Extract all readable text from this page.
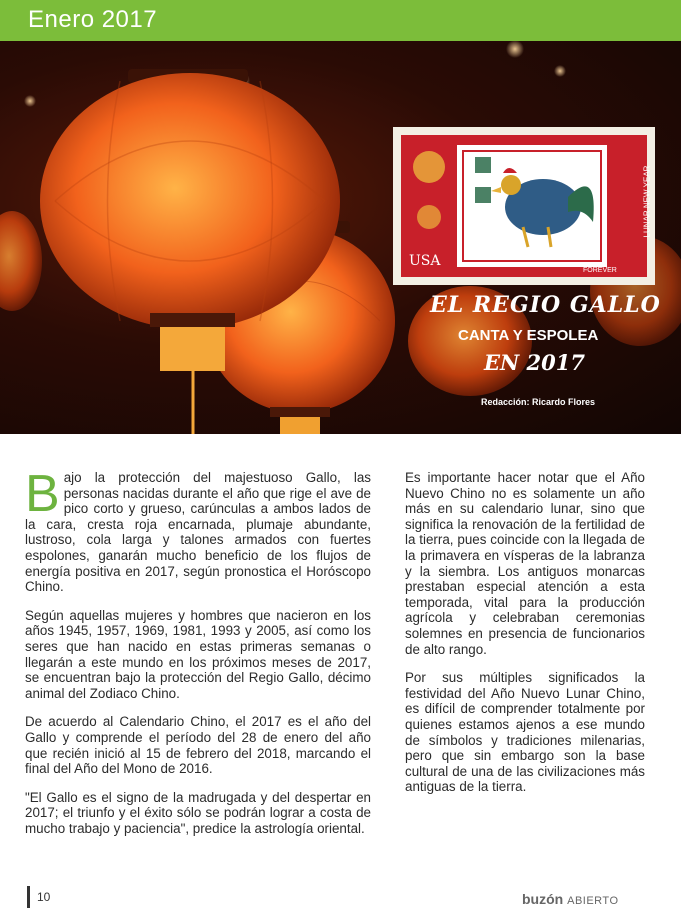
Enero 2017
USA
FOREVER
LUNAR NEW YEAR
EL REGIO GALLO
CANTA Y ESPOLEA
EN 2017
Redacción: Ricardo Flores

Bajo la protección del majestuoso Gallo, las personas nacidas durante el año que rige el ave de pico corto y grueso, carúnculas a ambos lados de la cara, cresta roja encarnada, plumaje abundante, lustroso, cola larga y talones armados con fuertes espolones, ganarán mucho beneficio de los flujos de energía positiva en 2017, según pronostica el Horóscopo Chino.

Según aquellas mujeres y hombres que nacieron en los años 1945, 1957, 1969, 1981, 1993 y 2005, así como los seres que han nacido en estas primeras semanas o llegarán a este mundo en los próximos meses de 2017, se encuentran bajo la protección del Regio Gallo, décimo animal del Zodiaco Chino.

De acuerdo al Calendario Chino, el 2017 es el año del Gallo y comprende el período del 28 de enero del año que recién inició al 15 de febrero del 2018, marcando el final del Año del Mono de 2016.

"El Gallo es el signo de la madrugada y del despertar en 2017; el triunfo y el éxito sólo se podrán lograr a costa de mucho trabajo y paciencia", predice la astrología oriental.

Es importante hacer notar que el Año Nuevo Chino no es solamente un año más en su calendario lunar, sino que significa la renovación de la fertilidad de la tierra, pues coincide con la llegada de la primavera en vísperas de la labranza y la siembra. Los antiguos monarcas prestaban especial atención a esta temporada, vital para la producción agrícola y celebraban ceremonias solemnes en presencia de funcionarios de alto rango.

Por sus múltiples significados la festividad del Año Nuevo Lunar Chino, es difícil de comprender totalmente por quienes estamos ajenos a ese mundo de símbolos y tradiciones milenarias, pero que sin embargo son la base cultural de una de las civilizaciones más antiguas de la tierra.

10	buzón ABIERTO
